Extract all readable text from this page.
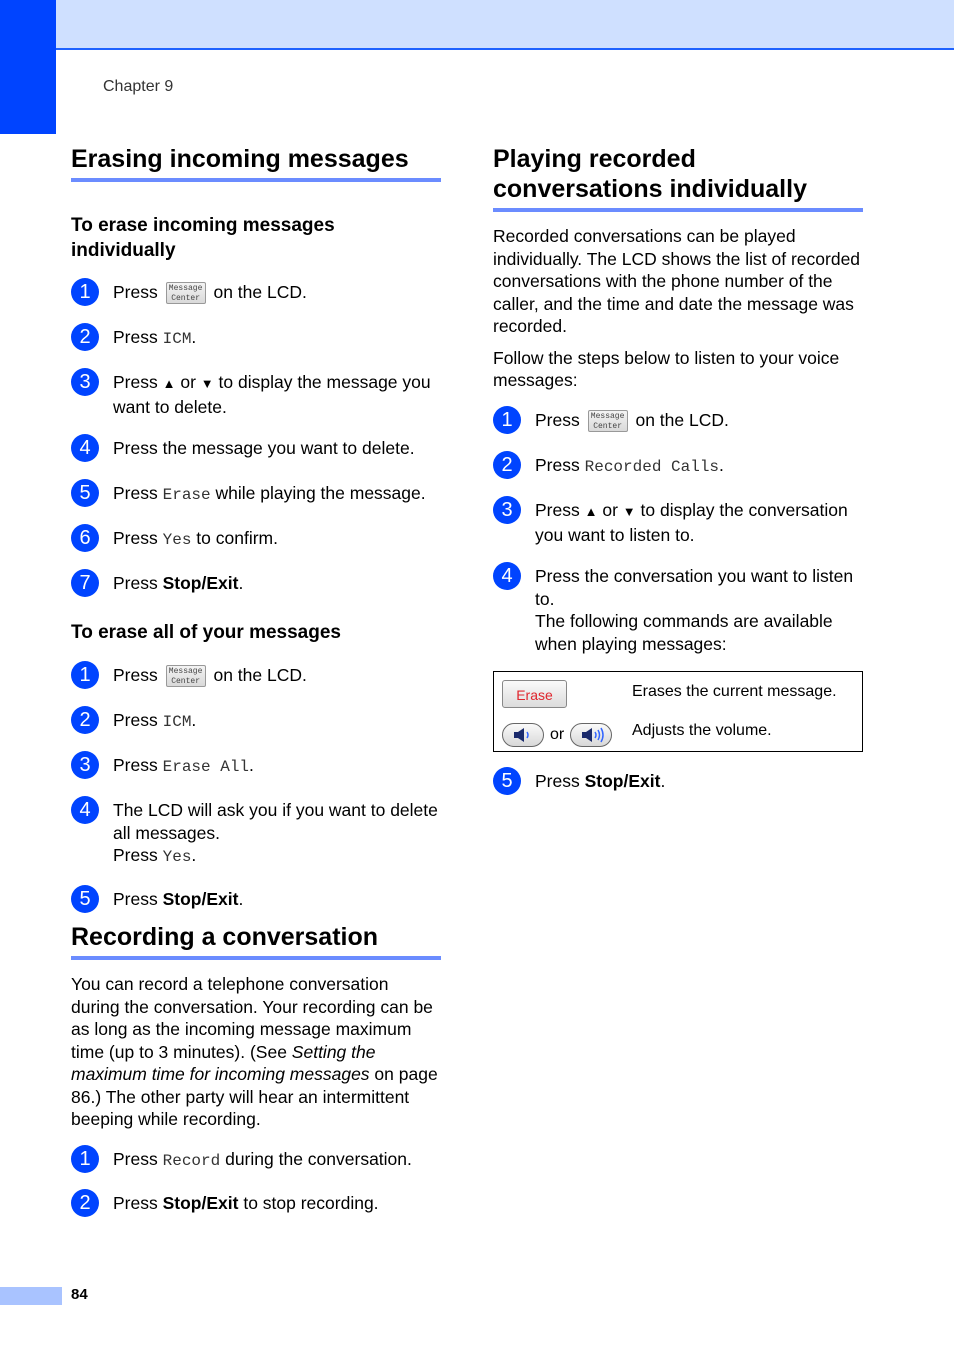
Chapter 9
Erasing incoming messages
To erase incoming messages individually
1	Press Message
Center on the LCD.
2	Press ICM.
3	Press ▲ or ▼ to display the message you want to delete.
4	Press the message you want to delete.
5	Press Erase while playing the message.
6	Press Yes to confirm.
7	Press Stop/Exit.
To erase all of your messages
1	Press Message
Center on the LCD.
2	Press ICM.
3	Press Erase All.
4	The LCD will ask you if you want to delete all messages.
Press Yes.
5	Press Stop/Exit.
Recording a conversation

You can record a telephone conversation during the conversation. Your recording can be as long as the incoming message maximum time (up to 3 minutes). (See Setting the maximum time for incoming messages on page 86.) The other party will hear an intermittent beeping while recording.

1	Press Record during the conversation.
2	Press Stop/Exit to stop recording.
Playing recorded conversations individually

Recorded conversations can be played individually. The LCD shows the list of recorded conversations with the phone number of the caller, and the time and date the message was recorded.

Follow the steps below to listen to your voice messages:

1	Press Message
Center on the LCD.
2	Press Recorded Calls.
3	Press ▲ or ▼ to display the conversation you want to listen to.
4	Press the conversation you want to listen to.
The following commands are available when playing messages:
Erase	Erases the current message.
or	Adjusts the volume.
5	Press Stop/Exit.
84
